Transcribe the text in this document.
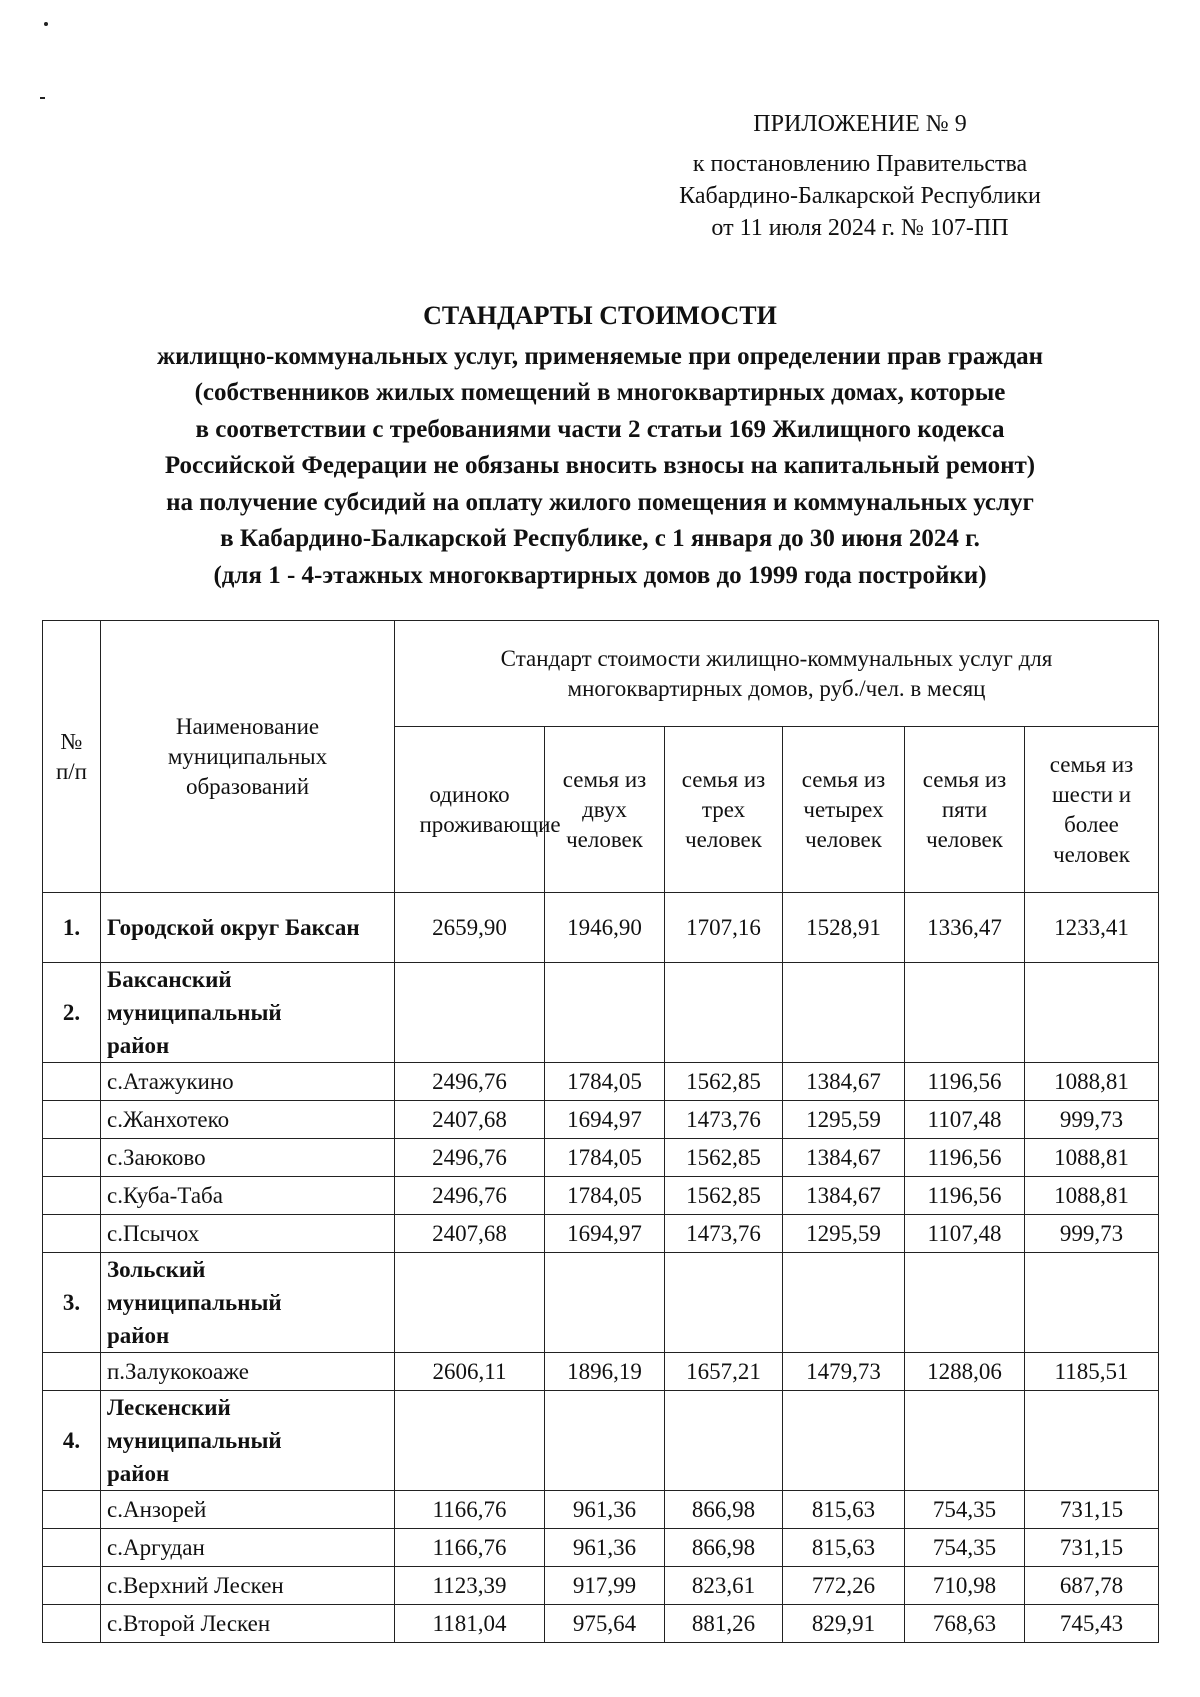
ПРИЛОЖЕНИЕ № 9
к постановлению Правительства
Кабардино-Балкарской Республики
от 11 июля 2024 г. № 107-ПП
СТАНДАРТЫ СТОИМОСТИ
жилищно-коммунальных услуг, применяемые при определении прав граждан
(собственников жилых помещений в многоквартирных домах, которые
в соответствии с требованиями части 2 статьи 169 Жилищного кодекса
Российской Федерации не обязаны вносить взносы на капитальный ремонт)
на получение субсидий на оплату жилого помещения и коммунальных услуг
в Кабардино-Балкарской Республике, с 1 января до 30 июня 2024 г.
(для 1 - 4-этажных многоквартирных домов до 1999 года постройки)
№ п/п	Наименование муниципальных образований	Стандарт стоимости жилищно-коммунальных услуг для многоквартирных домов, руб./чел. в месяц					

		одиноко проживающие	семья из двух человек	семья из трех человек	семья из четырех человек	семья из пяти человек	семья из шести и более человек

1.	Городской округ Баксан	2659,90	1946,90	1707,16	1528,91	1336,47	1233,41
2.	Баксанский муниципальный район						
	с.Атажукино	2496,76	1784,05	1562,85	1384,67	1196,56	1088,81
	с.Жанхотеко	2407,68	1694,97	1473,76	1295,59	1107,48	999,73
	с.Заюково	2496,76	1784,05	1562,85	1384,67	1196,56	1088,81
	с.Куба-Таба	2496,76	1784,05	1562,85	1384,67	1196,56	1088,81
	с.Псычох	2407,68	1694,97	1473,76	1295,59	1107,48	999,73
3.	Зольский муниципальный район						
	п.Залукокоаже	2606,11	1896,19	1657,21	1479,73	1288,06	1185,51
4.	Лескенский муниципальный район						
	с.Анзорей	1166,76	961,36	866,98	815,63	754,35	731,15
	с.Аргудан	1166,76	961,36	866,98	815,63	754,35	731,15
	с.Верхний Лескен	1123,39	917,99	823,61	772,26	710,98	687,78
	с.Второй Лескен	1181,04	975,64	881,26	829,91	768,63	745,43
